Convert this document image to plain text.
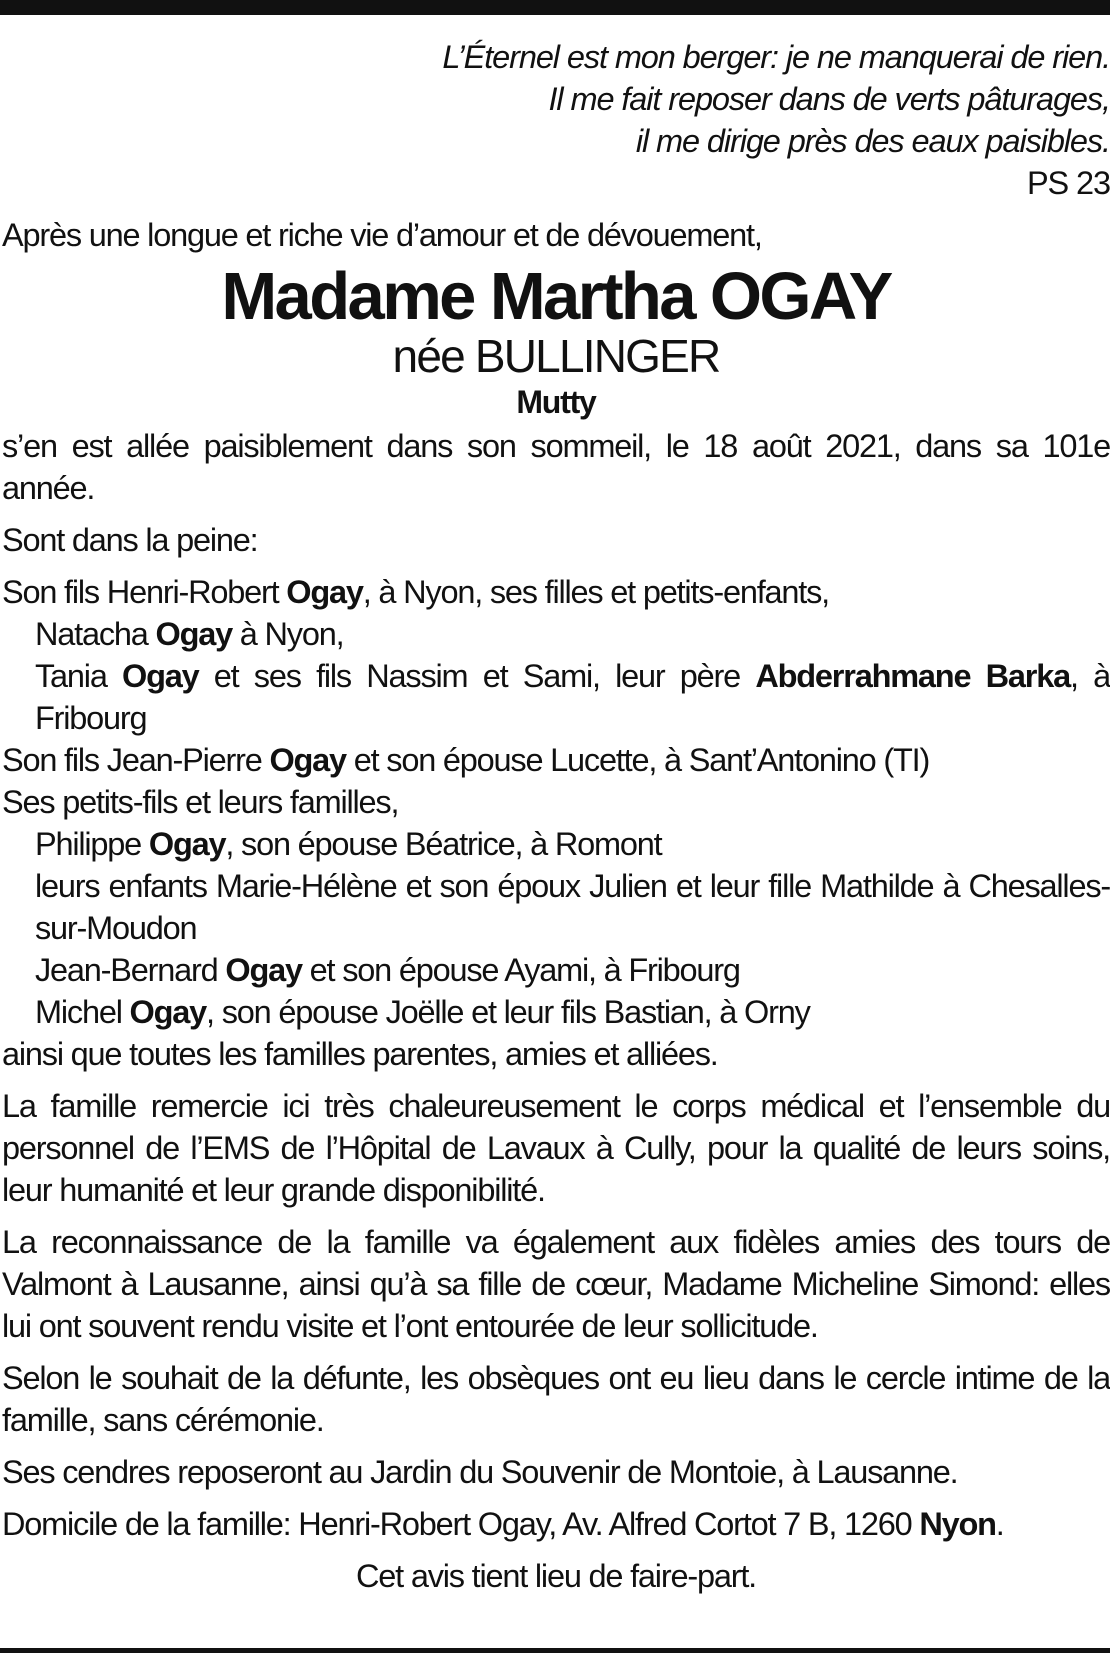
L’Éternel est mon berger: je ne manquerai de rien.
Il me fait reposer dans de verts pâturages,
il me dirige près des eaux paisibles.
PS 23
Après une longue et riche vie d’amour et de dévouement,
Madame Martha OGAY
née BULLINGER
Mutty
s’en est allée paisiblement dans son sommeil, le 18 août 2021, dans sa 101e année.
Sont dans la peine:
Son fils Henri-Robert Ogay, à Nyon, ses filles et petits-enfants,
Natacha Ogay à Nyon,
Tania Ogay et ses fils Nassim et Sami, leur père Abderrahmane Barka, à Fribourg
Son fils Jean-Pierre Ogay et son épouse Lucette, à Sant’Antonino (TI)
Ses petits-fils et leurs familles,
Philippe Ogay, son épouse Béatrice, à Romont
leurs enfants Marie-Hélène et son époux Julien et leur fille Mathilde à Chesalles-sur-Moudon
Jean-Bernard Ogay et son épouse Ayami, à Fribourg
Michel Ogay, son épouse Joëlle et leur fils Bastian, à Orny
ainsi que toutes les familles parentes, amies et alliées.
La famille remercie ici très chaleureusement le corps médical et l’ensemble du personnel de l’EMS de l’Hôpital de Lavaux à Cully, pour la qualité de leurs soins, leur humanité et leur grande disponibilité.
La reconnaissance de la famille va également aux fidèles amies des tours de Valmont à Lausanne, ainsi qu’à sa fille de cœur, Madame Micheline Simond: elles lui ont souvent rendu visite et l’ont entourée de leur sollicitude.
Selon le souhait de la défunte, les obsèques ont eu lieu dans le cercle intime de la famille, sans cérémonie.
Ses cendres reposeront au Jardin du Souvenir de Montoie, à Lausanne.
Domicile de la famille: Henri-Robert Ogay, Av. Alfred Cortot 7 B, 1260 Nyon.
Cet avis tient lieu de faire-part.
